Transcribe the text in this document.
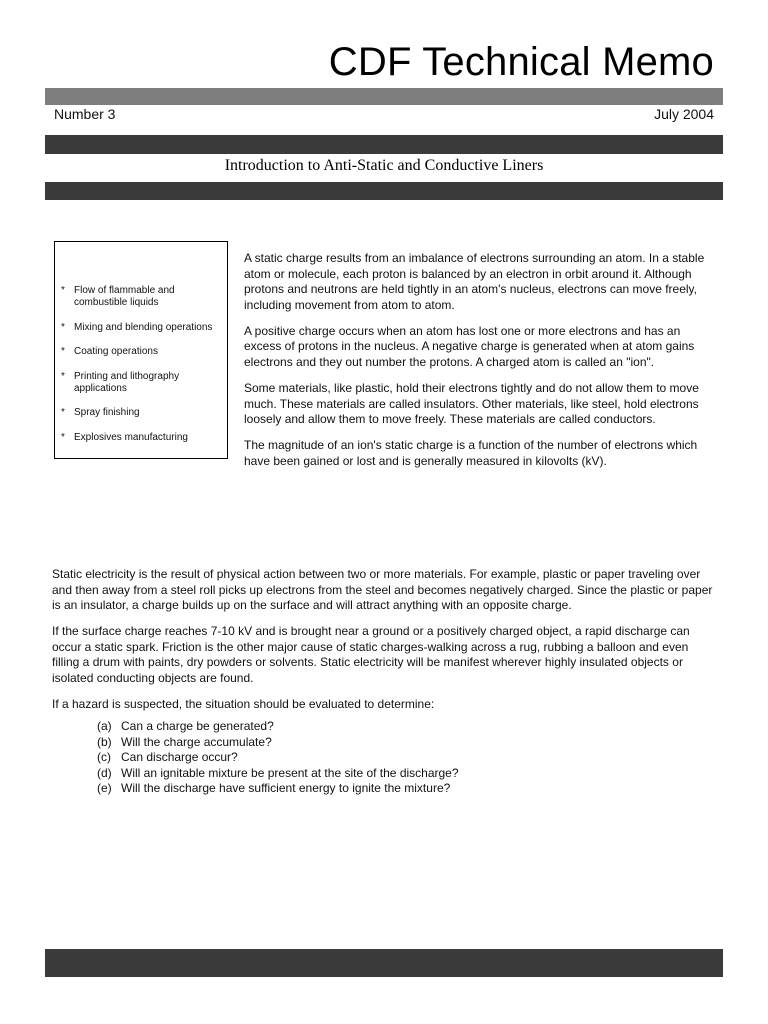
CDF Technical Memo
Number 3	July 2004
Introduction to Anti-Static and Conductive Liners
* Flow of flammable and combustible liquids
* Mixing and blending operations
* Coating operations
* Printing and lithography applications
* Spray finishing
* Explosives manufacturing

A static charge results from an imbalance of electrons surrounding an atom. In a stable atom or molecule, each proton is balanced by an electron in orbit around it. Although protons and neutrons are held tightly in an atom's nucleus, electrons can move freely, including movement from atom to atom.

A positive charge occurs when an atom has lost one or more electrons and has an excess of protons in the nucleus. A negative charge is generated when at atom gains electrons and they out number the protons. A charged atom is called an "ion".

Some materials, like plastic, hold their electrons tightly and do not allow them to move much. These materials are called insulators. Other materials, like steel, hold electrons loosely and allow them to move freely. These materials are called conductors.

The magnitude of an ion's static charge is a function of the number of electrons which have been gained or lost and is generally measured in kilovolts (kV).

Static electricity is the result of physical action between two or more materials. For example, plastic or paper traveling over and then away from a steel roll picks up electrons from the steel and becomes negatively charged. Since the plastic or paper is an insulator, a charge builds up on the surface and will attract anything with an opposite charge.

If the surface charge reaches 7-10 kV and is brought near a ground or a positively charged object, a rapid discharge can occur a static spark. Friction is the other major cause of static charges-walking across a rug, rubbing a balloon and even filling a drum with paints, dry powders or solvents. Static electricity will be manifest wherever highly insulated objects or isolated conducting objects are found.

If a hazard is suspected, the situation should be evaluated to determine:

(a) Can a charge be generated?
(b) Will the charge accumulate?
(c) Can discharge occur?
(d) Will an ignitable mixture be present at the site of the discharge?
(e) Will the discharge have sufficient energy to ignite the mixture?
